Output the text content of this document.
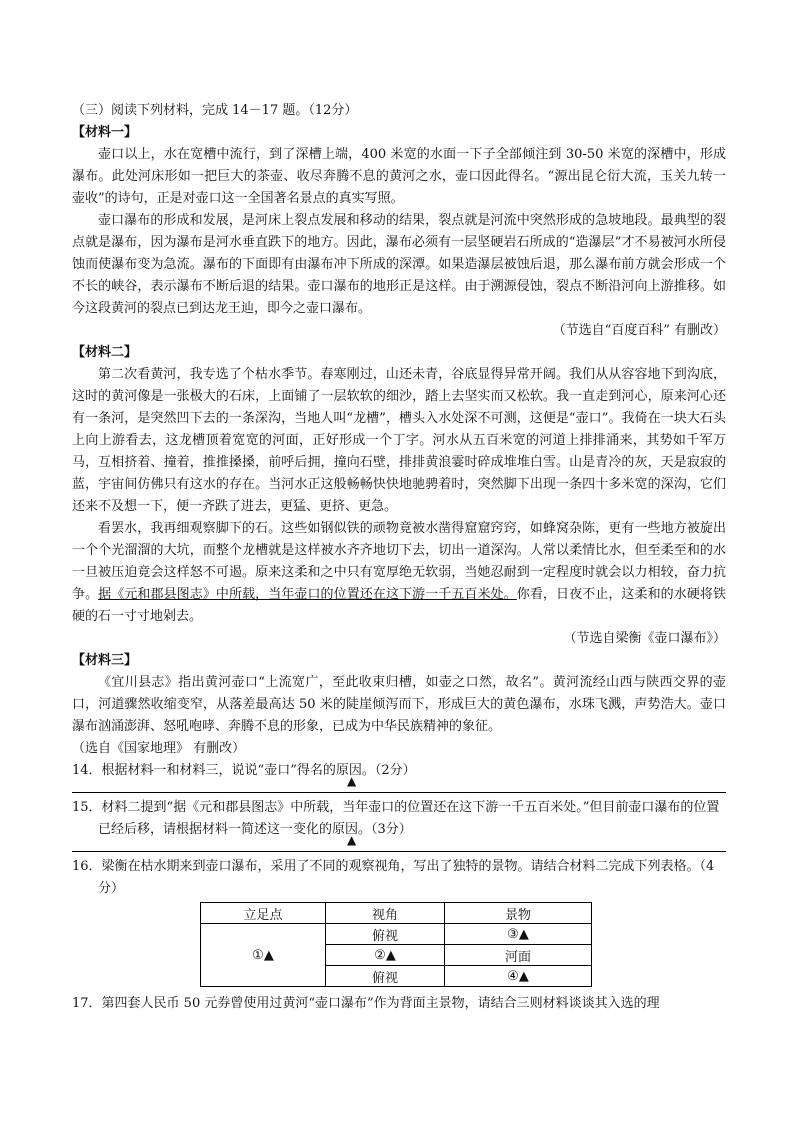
（三）阅读下列材料，完成 14－17 题。（12分）

【材料一】

壶口以上，水在宽槽中流行，到了深槽上端，400 米宽的水面一下子全部倾注到 30-50 米宽的深槽中，形成瀑布。此处河床形如一把巨大的茶壶、收尽奔腾不息的黄河之水，壶口因此得名。“源出昆仑衍大流，玉关九转一壶收”的诗句，正是对壶口这一全国著名景点的真实写照。

壶口瀑布的形成和发展，是河床上裂点发展和移动的结果，裂点就是河流中突然形成的急坡地段。最典型的裂点就是瀑布，因为瀑布是河水垂直跌下的地方。因此，瀑布必须有一层坚硬岩石所成的“造瀑层”才不易被河水所侵蚀而使瀑布变为急流。瀑布的下面即有由瀑布冲下所成的深潭。如果造瀑层被蚀后退，那么瀑布前方就会形成一个不长的峡谷，表示瀑布不断后退的结果。壶口瀑布的地形正是这样。由于溯源侵蚀，裂点不断沿河向上游推移。如今这段黄河的裂点已到达龙王辿，即今之壶口瀑布。

（节选自“百度百科” 有删改）

【材料二】

第二次看黄河，我专选了个枯水季节。春寒刚过，山还未青，谷底显得异常开阔。我们从从容容地下到沟底，这时的黄河像是一张极大的石床，上面铺了一层软软的细沙，踏上去坚实而又松软。我一直走到河心，原来河心还有一条河，是突然凹下去的一条深沟，当地人叫“龙槽”，槽头入水处深不可测，这便是“壶口”。我倚在一块大石头上向上游看去，这龙槽顶着宽宽的河面，正好形成一个丁字。河水从五百米宽的河道上排排涌来，其势如千军万马，互相挤着、撞着，推推搡搡，前呼后拥，撞向石壁，排排黄浪霎时碎成堆堆白雪。山是青冷的灰，天是寂寂的蓝，宇宙间仿佛只有这水的存在。当河水正这般畅畅快快地驰骋着时，突然脚下出现一条四十多米宽的深沟，它们还来不及想一下，便一齐跌了进去，更猛、更挤、更急。

看罢水，我再细观察脚下的石。这些如钢似铁的顽物竟被水凿得窟窟窍窍，如蜂窝杂陈，更有一些地方被旋出一个个光溜溜的大坑，而整个龙槽就是这样被水齐齐地切下去，切出一道深沟。人常以柔情比水，但至柔至和的水一旦被压迫竟会这样怒不可遏。原来这柔和之中只有宽厚绝无软弱，当她忍耐到一定程度时就会以力相较，奋力抗争。据《元和郡县图志》中所载，当年壶口的位置还在这下游一千五百米处。你看，日夜不止，这柔和的水硬将铁硬的石一寸寸地剁去。

（节选自梁衡《壶口瀑布》）

【材料三】

《宜川县志》指出黄河壶口“上流宽广，至此收束归槽，如壶之口然，故名”。黄河流经山西与陕西交界的壶口，河道骤然收缩变窄，从落差最高达 50 米的陡崖倾泻而下，形成巨大的黄色瀑布，水珠飞溅，声势浩大。壶口瀑布汹涌澎湃、怒吼咆哮、奔腾不息的形象，已成为中华民族精神的象征。

（选自《国家地理》 有删改）

14．根据材料一和材料三，说说“壶口”得名的原因。（2分）

▲

15．材料二提到“据《元和郡县图志》中所载，当年壶口的位置还在这下游一千五百米处。”但目前壶口瀑布的位置已经后移，请根据材料一简述这一变化的原因。（3分）

▲

16．梁衡在枯水期来到壶口瀑布，采用了不同的观察视角，写出了独特的景物。请结合材料二完成下列表格。（4分）

立足点	视角	景物
①▲	俯视	③▲
	②▲	河面
	俯视	④▲

17．第四套人民币 50 元券曾使用过黄河“壶口瀑布”作为背面主景物，请结合三则材料谈谈其入选的理
